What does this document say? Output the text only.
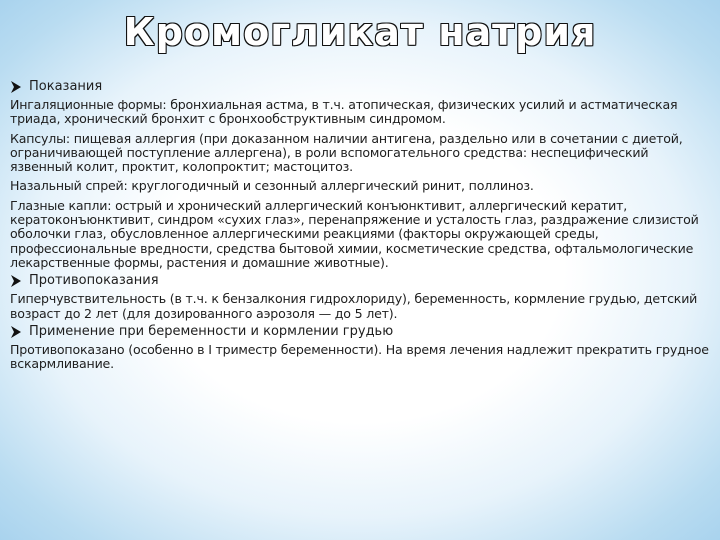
Кромогликат натрия
Показания
Ингаляционные формы: бронхиальная астма, в т.ч. атопическая, физических усилий и астматическая триада, хронический бронхит с бронхообструктивным синдромом.
Капсулы: пищевая аллергия (при доказанном наличии антигена, раздельно или в сочетании с диетой, ограничивающей поступление аллергена), в роли вспомогательного средства: неспецифический язвенный колит, проктит, колопроктит; мастоцитоз.
Назальный спрей: круглогодичный и сезонный аллергический ринит, поллиноз.
Глазные капли: острый и хронический аллергический конъюнктивит, аллергический кератит, кератоконъюнктивит, синдром «сухих глаз», перенапряжение и усталость глаз, раздражение слизистой оболочки глаз, обусловленное аллергическими реакциями (факторы окружающей среды, профессиональные вредности, средства бытовой химии, косметические средства, офтальмологические лекарственные формы, растения и домашние животные).
Противопоказания
Гиперчувствительность (в т.ч. к бензалкония гидрохлориду), беременность, кормление грудью, детский возраст до 2 лет (для дозированного аэрозоля — до 5 лет).
Применение при беременности и кормлении грудью
Противопоказано (особенно в I триместр беременности). На время лечения надлежит прекратить грудное вскармливание.
